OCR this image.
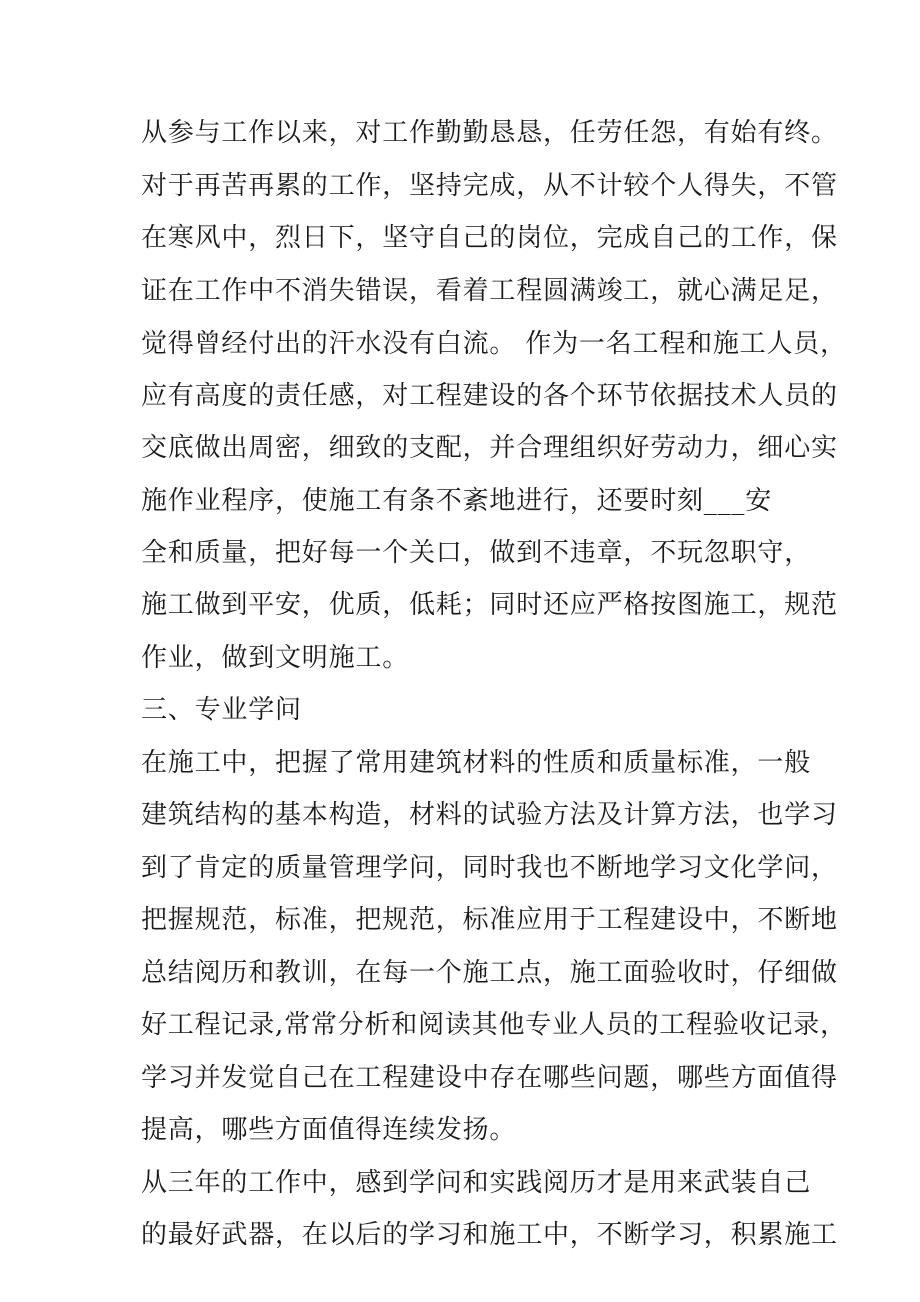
从参与工作以来，对工作勤勤恳恳，任劳任怨，有始有终。
对于再苦再累的工作，坚持完成，从不计较个人得失，不管
在寒风中，烈日下，坚守自己的岗位，完成自己的工作，保
证在工作中不消失错误，看着工程圆满竣工，就心满足足，
觉得曾经付出的汗水没有白流。 作为一名工程和施工人员，
应有高度的责任感，对工程建设的各个环节依据技术人员的
交底做出周密，细致的支配，并合理组织好劳动力，细心实
施作业程序，使施工有条不紊地进行，还要时刻___安
全和质量，把好每一个关口，做到不违章，不玩忽职守，
施工做到平安，优质，低耗；同时还应严格按图施工，规范
作业，做到文明施工。
三、专业学问
在施工中，把握了常用建筑材料的性质和质量标准，一般
建筑结构的基本构造，材料的试验方法及计算方法，也学习
到了肯定的质量管理学问，同时我也不断地学习文化学问，
把握规范，标准，把规范，标准应用于工程建设中，不断地
总结阅历和教训，在每一个施工点，施工面验收时，仔细做
好工程记录,常常分析和阅读其他专业人员的工程验收记录，
学习并发觉自己在工程建设中存在哪些问题，哪些方面值得
提高，哪些方面值得连续发扬。
从三年的工作中，感到学问和实践阅历才是用来武装自己
的最好武器，在以后的学习和施工中，不断学习，积累施工
